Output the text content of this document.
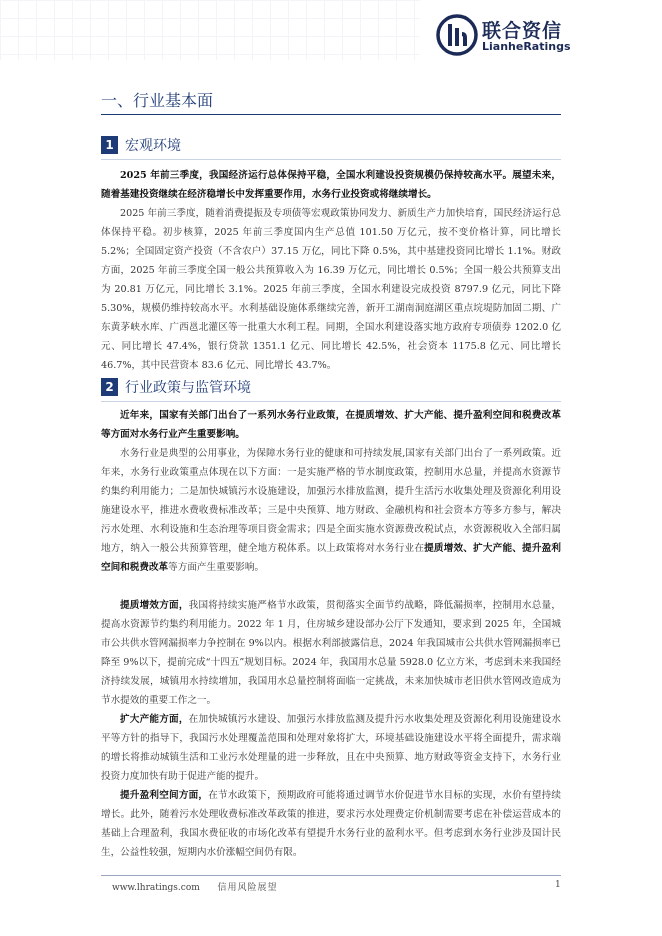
联合资信
LianheRatings
一、行业基本面
1 宏观环境
2025 年前三季度，我国经济运行总体保持平稳，全国水利建设投资规模仍保持较高水平。展望未来，随着基建投资继续在经济稳增长中发挥重要作用，水务行业投资或将继续增长。
2025 年前三季度，随着消费提振及专项债等宏观政策协同发力、新质生产力加快培育，国民经济运行总体保持平稳。初步核算，2025 年前三季度国内生产总值 101.50 万亿元，按不变价格计算，同比增长 5.2%；全国固定资产投资（不含农户）37.15 万亿，同比下降 0.5%，其中基建投资同比增长 1.1%。财政方面，2025 年前三季度全国一般公共预算收入为 16.39 万亿元，同比增长 0.5%；全国一般公共预算支出为 20.81 万亿元，同比增长 3.1%。2025 年前三季度，全国水利建设完成投资 8797.9 亿元，同比下降 5.30%，规模仍维持较高水平。水利基础设施体系继续完善，新开工湖南洞庭湖区重点垸堤防加固二期、广东黄茅峡水库、广西邕北灌区等一批重大水利工程。同期，全国水利建设落实地方政府专项债券 1202.0 亿元、同比增长 47.4%，银行贷款 1351.1 亿元、同比增长 42.5%，社会资本 1175.8 亿元、同比增长 46.7%，其中民营资本 83.6 亿元、同比增长 43.7%。
2 行业政策与监管环境
近年来，国家有关部门出台了一系列水务行业政策，在提质增效、扩大产能、提升盈利空间和税费改革等方面对水务行业产生重要影响。
水务行业是典型的公用事业，为保障水务行业的健康和可持续发展,国家有关部门出台了一系列政策。近年来，水务行业政策重点体现在以下方面：一是实施严格的节水制度政策，控制用水总量，并提高水资源节约集约利用能力；二是加快城镇污水设施建设，加强污水排放监测，提升生活污水收集处理及资源化利用设施建设水平，推进水费收费标准改革；三是中央预算、地方财政、金融机构和社会资本方等多方参与，解决污水处理、水利设施和生态治理等项目资金需求；四是全面实施水资源费改税试点，水资源税收入全部归属地方，纳入一般公共预算管理，健全地方税体系。以上政策将对水务行业在提质增效、扩大产能、提升盈利空间和税费改革等方面产生重要影响。
提质增效方面，我国将持续实施严格节水政策，贯彻落实全面节约战略，降低漏损率，控制用水总量，提高水资源节约集约利用能力。2022 年 1 月，住房城乡建设部办公厅下发通知，要求到 2025 年，全国城市公共供水管网漏损率力争控制在 9%以内。根据水利部披露信息，2024 年我国城市公共供水管网漏损率已降至 9%以下，提前完成“十四五”规划目标。2024 年，我国用水总量 5928.0 亿立方米，考虑到未来我国经济持续发展，城镇用水持续增加，我国用水总量控制将面临一定挑战，未来加快城市老旧供水管网改造成为节水提效的重要工作之一。
扩大产能方面，在加快城镇污水建设、加强污水排放监测及提升污水收集处理及资源化利用设施建设水平等方针的指导下，我国污水处理覆盖范围和处理对象将扩大，环境基础设施建设水平将全面提升，需求端的增长将推动城镇生活和工业污水处理量的进一步释放，且在中央预算、地方财政等资金支持下，水务行业投资力度加快有助于促进产能的提升。
提升盈利空间方面，在节水政策下，预期政府可能将通过调节水价促进节水目标的实现，水价有望持续增长。此外，随着污水处理收费标准改革政策的推进，要求污水处理费定价机制需要考虑在补偿运营成本的基础上合理盈利，我国水费征收的市场化改革有望提升水务行业的盈利水平。但考虑到水务行业涉及国计民生，公益性较强，短期内水价涨幅空间仍有限。
www.lhratings.com 信用风险展望	1
